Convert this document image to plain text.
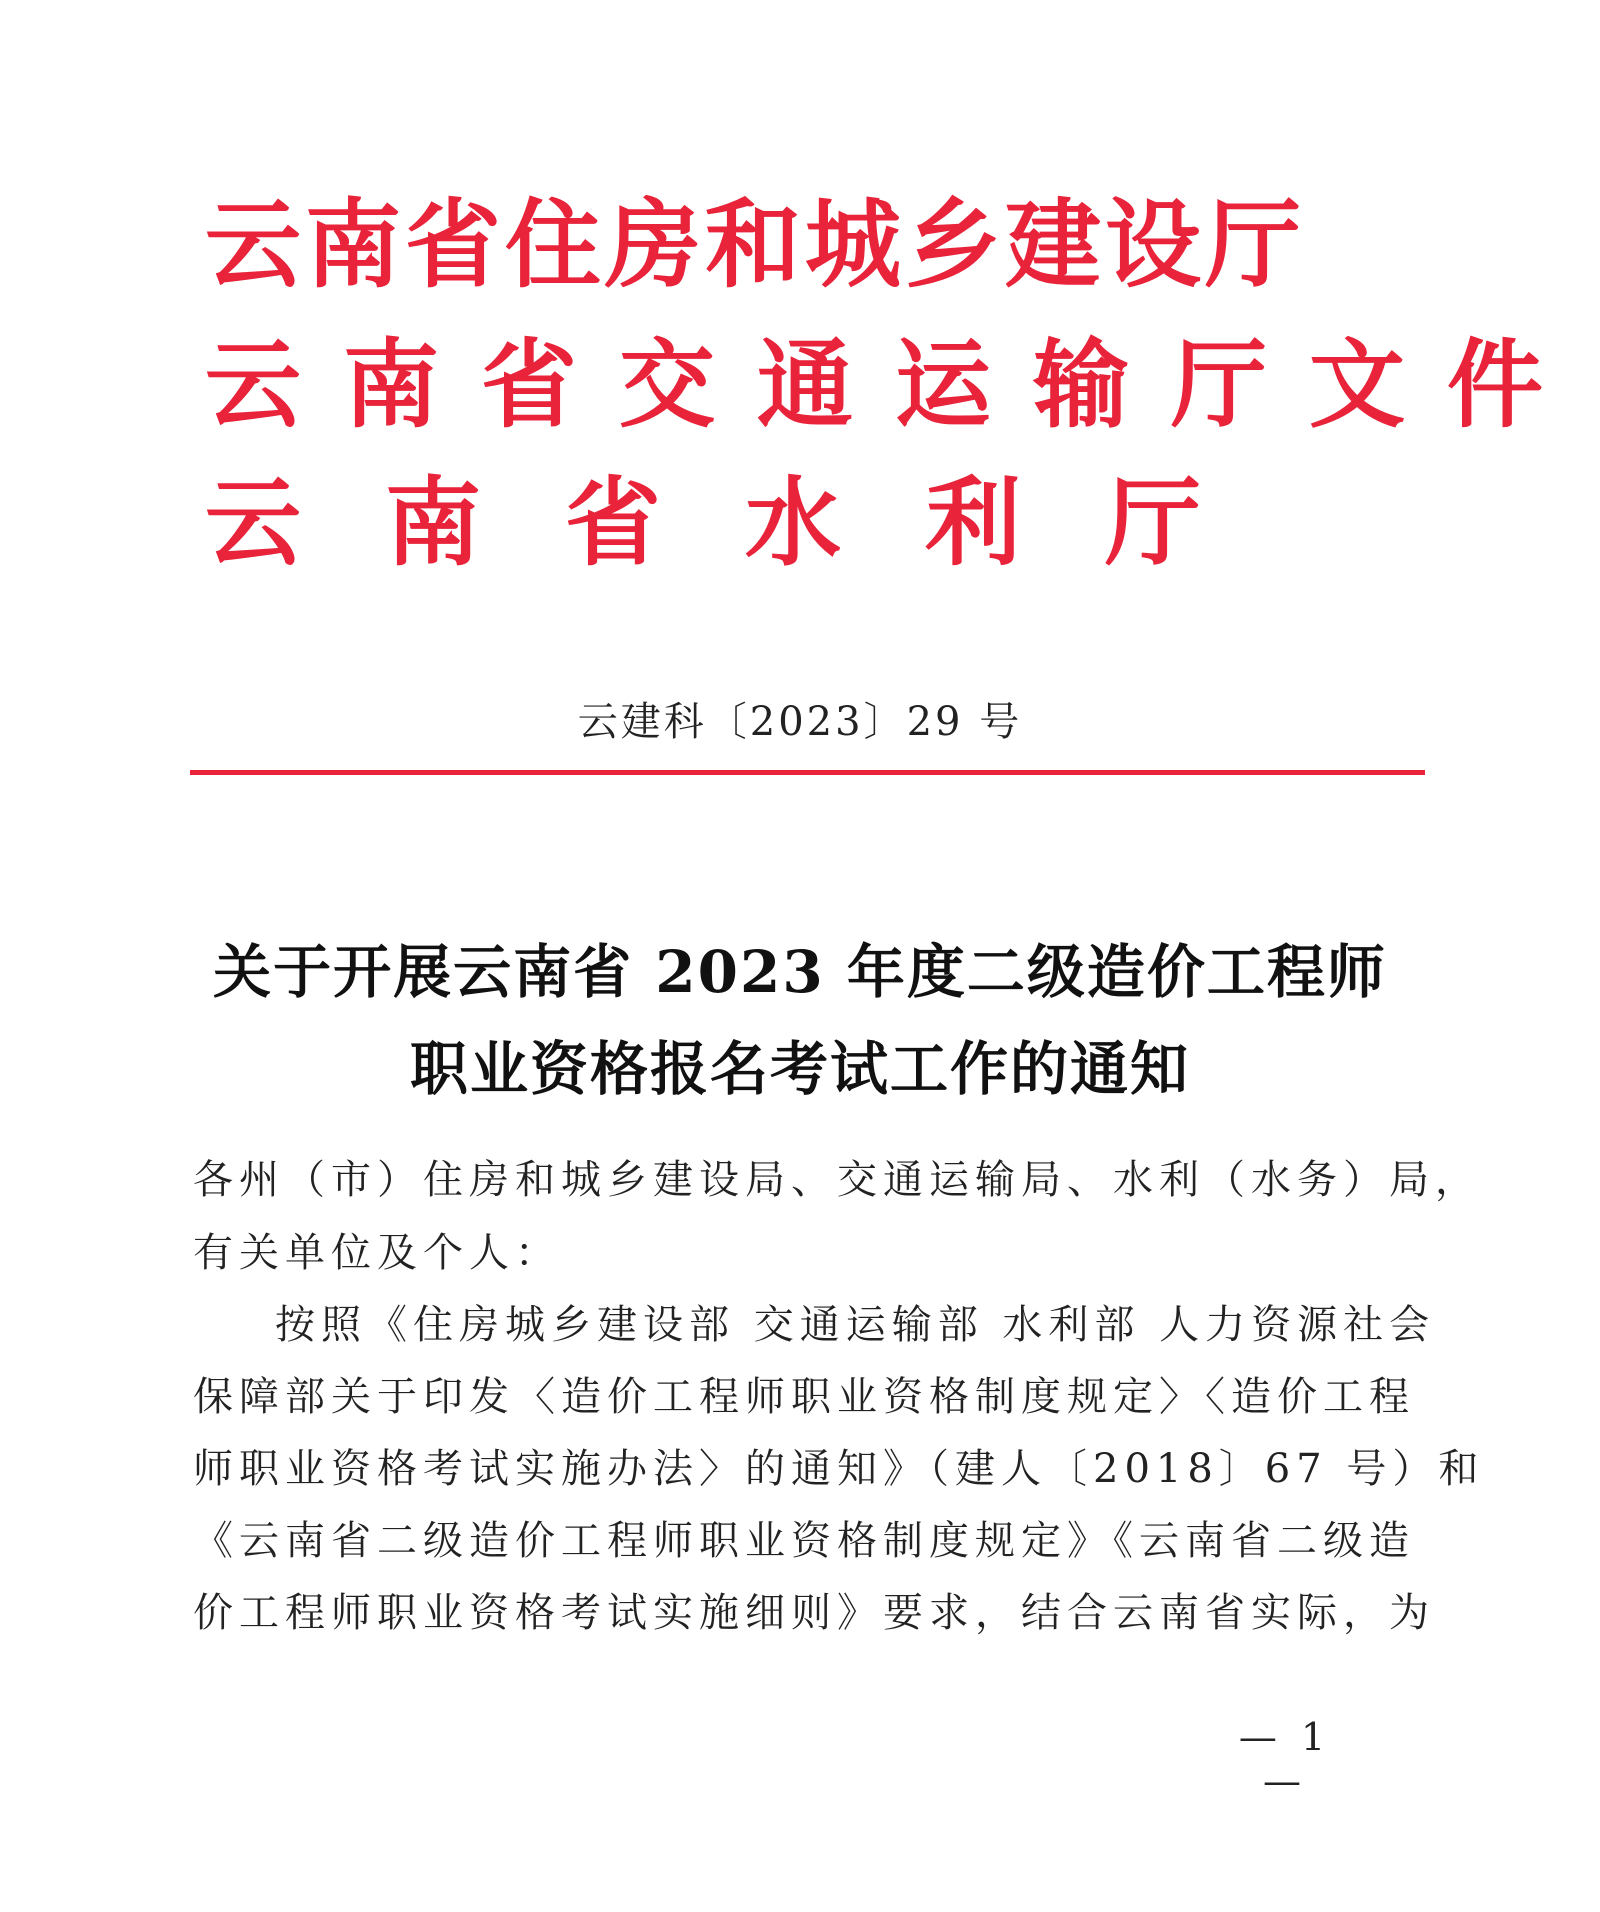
云南省住房和城乡建设厅
云南省交通运输厅文件
云南省水利厅
云建科〔2023〕29 号
关于开展云南省 2023 年度二级造价工程师
职业资格报名考试工作的通知
各州（市）住房和城乡建设局、交通运输局、水利（水务）局，
有关单位及个人：
按照《住房城乡建设部 交通运输部 水利部 人力资源社会
保障部关于印发〈造价工程师职业资格制度规定〉〈造价工程
师职业资格考试实施办法〉的通知》（建人〔2018〕67 号）和
《云南省二级造价工程师职业资格制度规定》《云南省二级造
价工程师职业资格考试实施细则》要求，结合云南省实际，为
— 1 —
